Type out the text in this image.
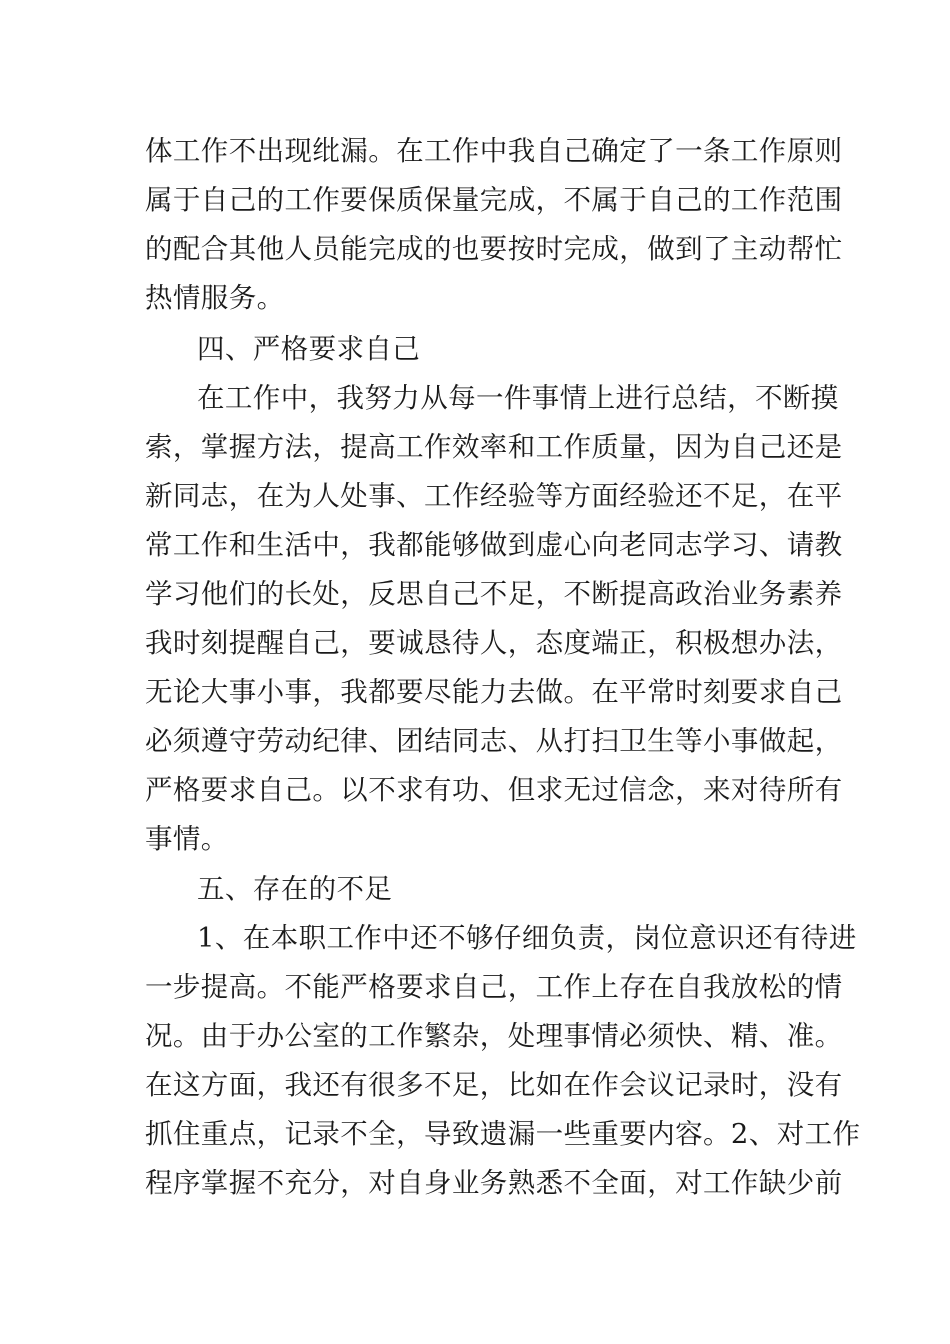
体工作不出现纰漏。在工作中我自己确定了一条工作原则
属于自己的工作要保质保量完成，不属于自己的工作范围
的配合其他人员能完成的也要按时完成，做到了主动帮忙
热情服务。
四、严格要求自己
在工作中，我努力从每一件事情上进行总结，不断摸
索，掌握方法，提高工作效率和工作质量，因为自己还是
新同志，在为人处事、工作经验等方面经验还不足，在平
常工作和生活中，我都能够做到虚心向老同志学习、请教
学习他们的长处，反思自己不足，不断提高政治业务素养
我时刻提醒自己，要诚恳待人，态度端正，积极想办法，
无论大事小事，我都要尽能力去做。在平常时刻要求自己
必须遵守劳动纪律、团结同志、从打扫卫生等小事做起，
严格要求自己。以不求有功、但求无过信念，来对待所有
事情。
五、存在的不足
1、在本职工作中还不够仔细负责，岗位意识还有待进
一步提高。不能严格要求自己，工作上存在自我放松的情
况。由于办公室的工作繁杂，处理事情必须快、精、准。
在这方面，我还有很多不足，比如在作会议记录时，没有
抓住重点，记录不全，导致遗漏一些重要内容。2、对工作
程序掌握不充分，对自身业务熟悉不全面，对工作缺少前
